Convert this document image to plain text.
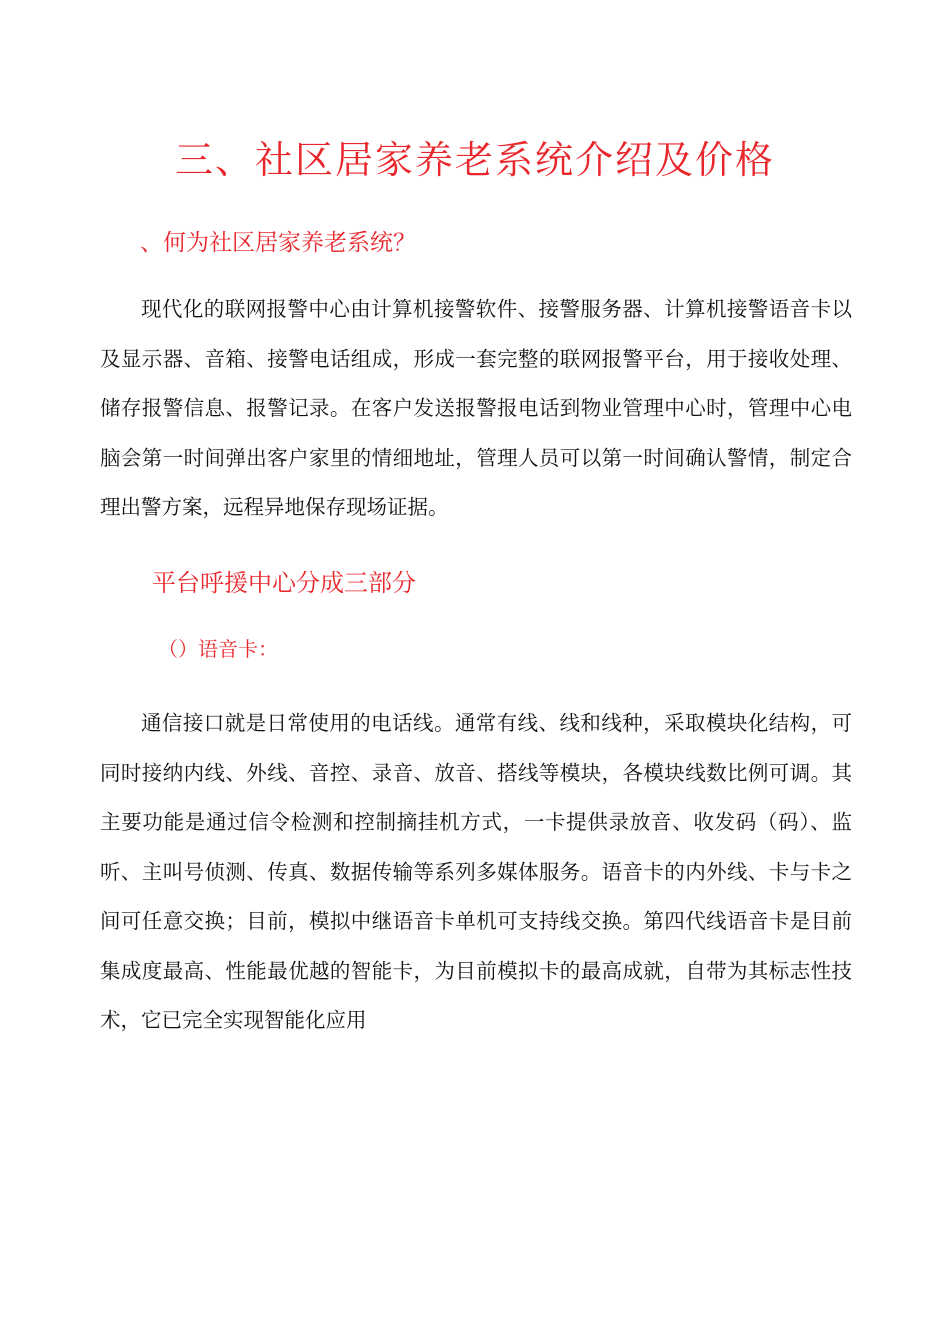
三、社区居家养老系统介绍及价格
、何为社区居家养老系统？

现代化的联网报警中心由计算机接警软件、接警服务器、计算机接警语音卡以及显示器、音箱、接警电话组成，形成一套完整的联网报警平台，用于接收处理、储存报警信息、报警记录。在客户发送报警报电话到物业管理中心时，管理中心电脑会第一时间弹出客户家里的情细地址，管理人员可以第一时间确认警情，制定合理出警方案，远程异地保存现场证据。

平台呼援中心分成三部分
（）语音卡：

通信接口就是日常使用的电话线。通常有线、线和线种，采取模块化结构，可同时接纳内线、外线、音控、录音、放音、搭线等模块，各模块线数比例可调。其主要功能是通过信令检测和控制摘挂机方式，一卡提供录放音、收发码（码）、监听、主叫号侦测、传真、数据传输等系列多媒体服务。语音卡的内外线、卡与卡之间可任意交换；目前，模拟中继语音卡单机可支持线交换。第四代线语音卡是目前集成度最高、性能最优越的智能卡，为目前模拟卡的最高成就，自带为其标志性技术，它已完全实现智能化应用
